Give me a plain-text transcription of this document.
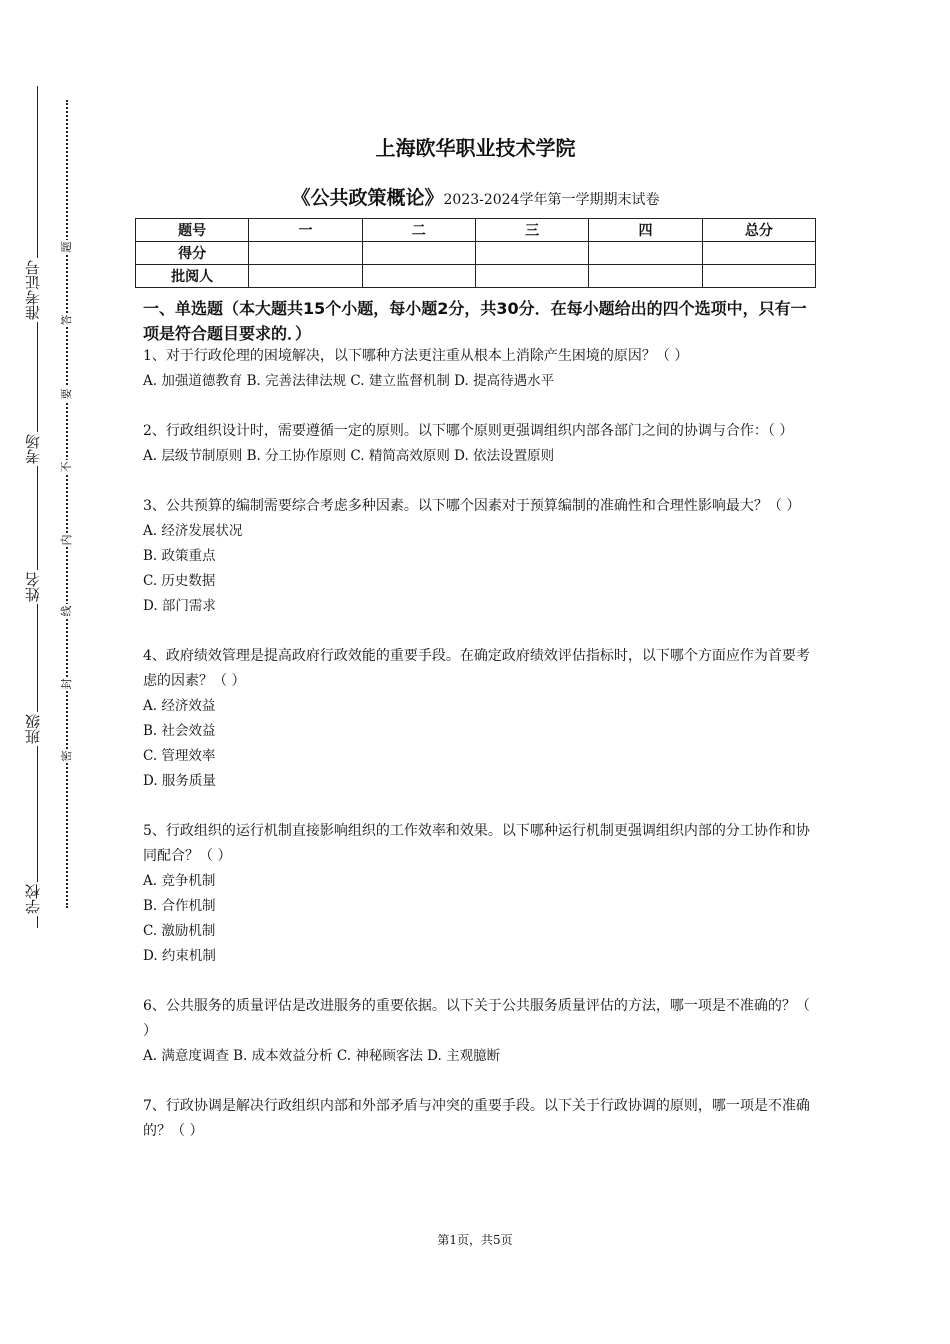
学校
班级
姓名
考场
准考证号
题
答
要
不
内
线
封
密
上海欧华职业技术学院

《公共政策概论》2023-2024学年第一学期期末试卷

题号	一	二	三	四	总分
得分					
批阅人					

一、单选题（本大题共15个小题，每小题2分，共30分．在每小题给出的四个选项中，只有一项是符合题目要求的．）

1、对于行政伦理的困境解决，以下哪种方法更注重从根本上消除产生困境的原因？（ ）

A. 加强道德教育 B. 完善法律法规 C. 建立监督机制 D. 提高待遇水平

2、行政组织设计时，需要遵循一定的原则。以下哪个原则更强调组织内部各部门之间的协调与合作：（ ）

A. 层级节制原则 B. 分工协作原则 C. 精简高效原则 D. 依法设置原则

3、公共预算的编制需要综合考虑多种因素。以下哪个因素对于预算编制的准确性和合理性影响最大？（ ）

A. 经济发展状况

B. 政策重点

C. 历史数据

D. 部门需求

4、政府绩效管理是提高政府行政效能的重要手段。在确定政府绩效评估指标时，以下哪个方面应作为首要考虑的因素？（ ）

A. 经济效益

B. 社会效益

C. 管理效率

D. 服务质量

5、行政组织的运行机制直接影响组织的工作效率和效果。以下哪种运行机制更强调组织内部的分工协作和协同配合？（ ）

A. 竞争机制

B. 合作机制

C. 激励机制

D. 约束机制

6、公共服务的质量评估是改进服务的重要依据。以下关于公共服务质量评估的方法，哪一项是不准确的？（ ）

A. 满意度调查 B. 成本效益分析 C. 神秘顾客法 D. 主观臆断

7、行政协调是解决行政组织内部和外部矛盾与冲突的重要手段。以下关于行政协调的原则，哪一项是不准确的？（ ）

第1页，共5页
